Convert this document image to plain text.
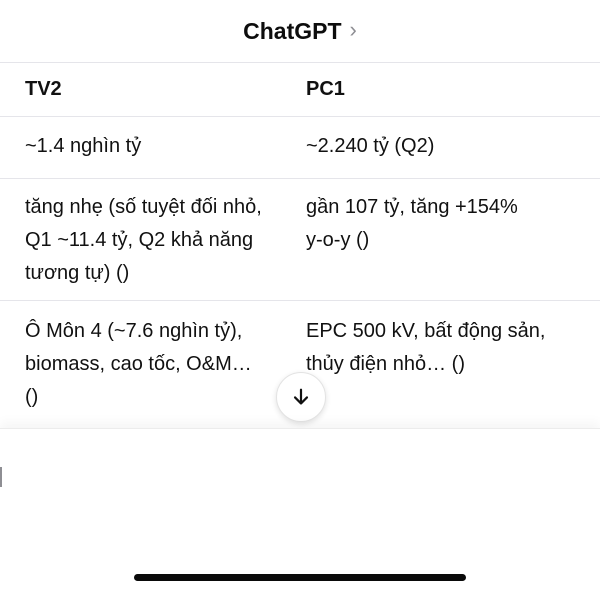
ChatGPT ›
TV2	PC1
~1.4 nghìn tỷ	~2.240 tỷ (Q2)
tăng nhẹ (số tuyệt đối nhỏ,
Q1 ~11.4 tỷ, Q2 khả năng
tương tự) ()
gần 107 tỷ, tăng +154%
y-o-y ()
Ô Môn 4 (~7.6 nghìn tỷ),
biomass, cao tốc, O&M…
()
EPC 500 kV, bất động sản,
thủy điện nhỏ… ()
